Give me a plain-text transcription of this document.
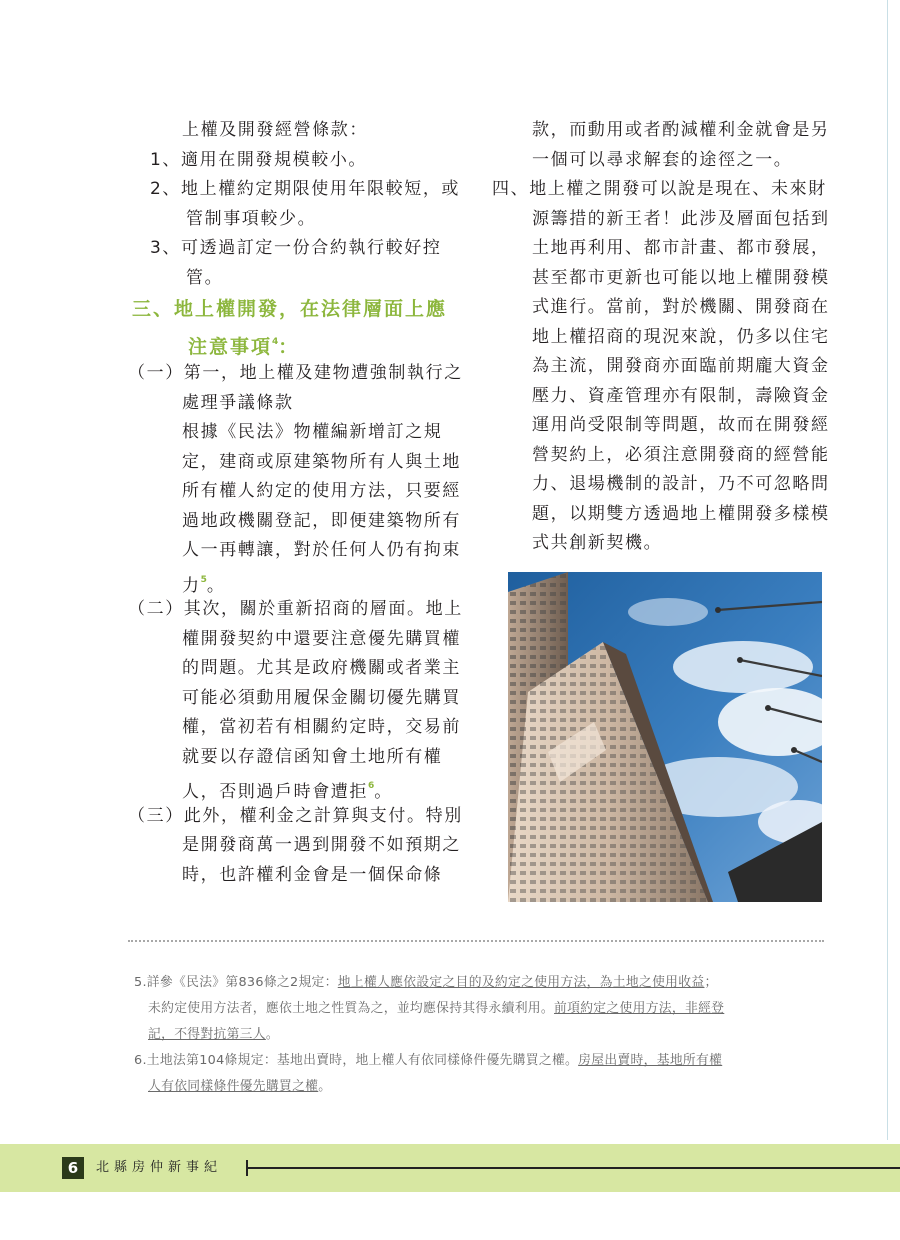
上權及開發經營條款：
1、適用在開發規模較小。
2、地上權約定期限使用年限較短，或
管制事項較少。
3、可透過訂定一份合約執行較好控
管。
三、地上權開發，在法律層面上應
注意事項$^4$：
（一）第一，地上權及建物遭強制執行之
處理爭議條款
根據《民法》物權編新增訂之規
定，建商或原建築物所有人與土地
所有權人約定的使用方法，只要經
過地政機關登記，即便建築物所有
人一再轉讓，對於任何人仍有拘束
力$^5$。
（二）其次，關於重新招商的層面。地上
權開發契約中還要注意優先購買權
的問題。尤其是政府機關或者業主
可能必須動用履保金關切優先購買
權，當初若有相關約定時，交易前
就要以存證信函知會土地所有權
人，否則過戶時會遭拒$^6$。
（三）此外，權利金之計算與支付。特別
是開發商萬一遇到開發不如預期之
時，也許權利金會是一個保命條
款，而動用或者酌減權利金就會是另
一個可以尋求解套的途徑之一。
四、地上權之開發可以說是現在、未來財
源籌措的新王者！此涉及層面包括到
土地再利用、都市計畫、都市發展，
甚至都市更新也可能以地上權開發模
式進行。當前，對於機關、開發商在
地上權招商的現況來說，仍多以住宅
為主流，開發商亦面臨前期龐大資金
壓力、資產管理亦有限制，壽險資金
運用尚受限制等問題，故而在開發經
營契約上，必須注意開發商的經營能
力、退場機制的設計，乃不可忽略問
題，以期雙方透過地上權開發多樣模
式共創新契機。
5.詳參《民法》第836條之2規定：地上權人應依設定之目的及約定之使用方法，為土地之使用收益；
未約定使用方法者，應依土地之性質為之，並均應保持其得永續利用。前項約定之使用方法，非經登
記，不得對抗第三人。
6.土地法第104條規定：基地出賣時，地上權人有依同樣條件優先購買之權。房屋出賣時，基地所有權
人有依同樣條件優先購買之權。
6	北縣房仲新事紀
